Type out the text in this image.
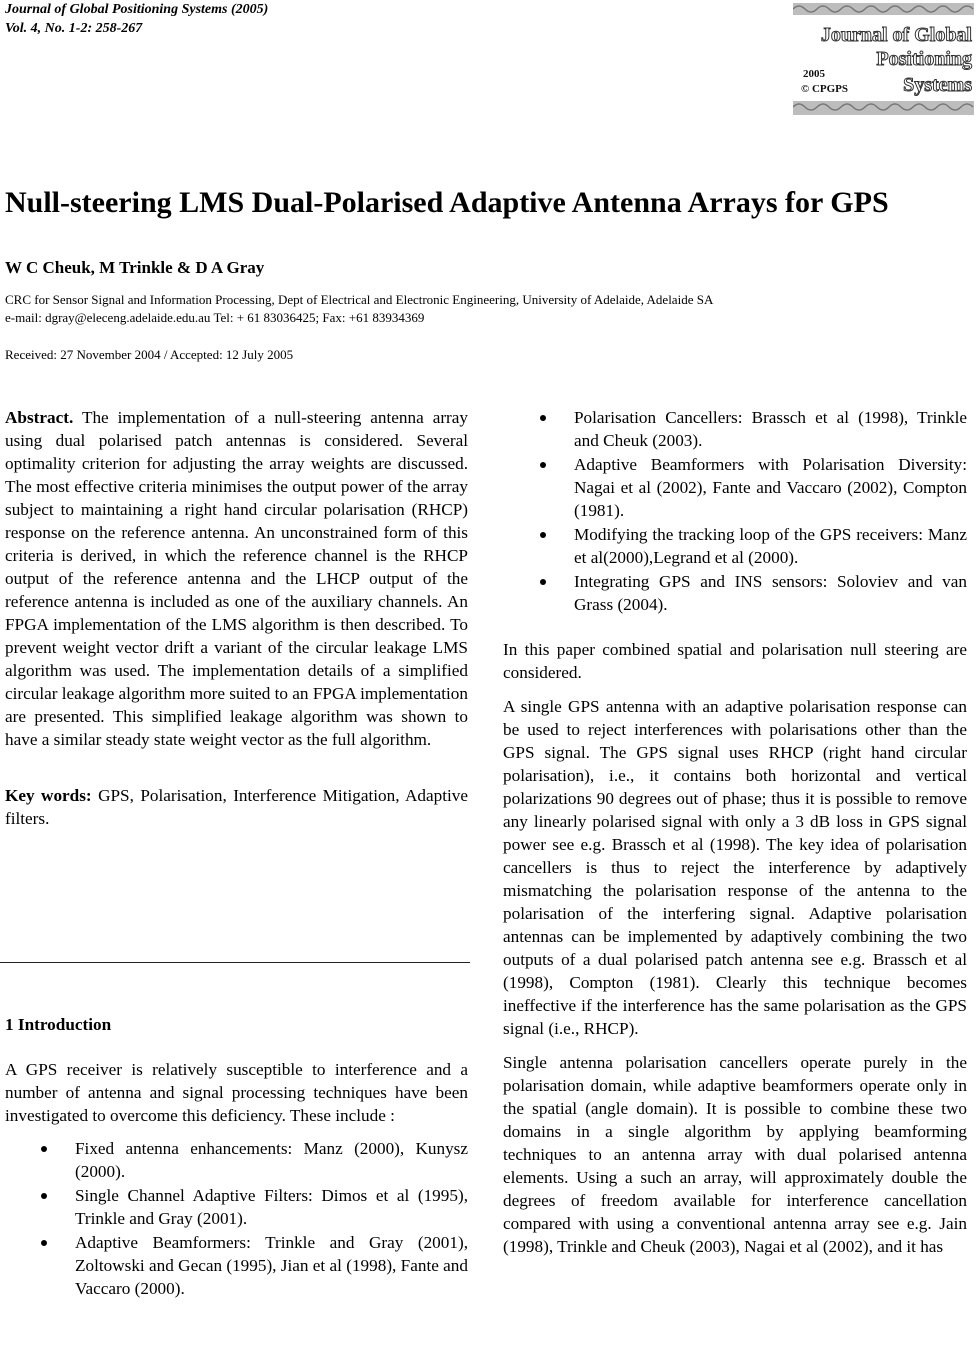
Journal of Global Positioning Systems (2005)
Vol. 4, No. 1-2: 258-267	Journal of Global
Positioning
Systems
2005
© CPGPS
Null-steering LMS Dual-Polarised Adaptive Antenna Arrays for GPS
W C Cheuk, M Trinkle & D A Gray
CRC for Sensor Signal and Information Processing, Dept of Electrical and Electronic Engineering, University of Adelaide, Adelaide SA
e-mail: dgray@eleceng.adelaide.edu.au Tel: + 61 83036425; Fax: +61 83934369
Received: 27 November 2004 / Accepted: 12 July 2005

Abstract. The implementation of a null-steering antenna array using dual polarised patch antennas is considered. Several optimality criterion for adjusting the array weights are discussed. The most effective criteria minimises the output power of the array subject to maintaining a right hand circular polarisation (RHCP) response on the reference antenna. An unconstrained form of this criteria is derived, in which the reference channel is the RHCP output of the reference antenna and the LHCP output of the reference antenna is included as one of the auxiliary channels. An FPGA implementation of the LMS algorithm is then described. To prevent weight vector drift a variant of the circular leakage LMS algorithm was used. The implementation details of a simplified circular leakage algorithm more suited to an FPGA implementation are presented. This simplified leakage algorithm was shown to have a similar steady state weight vector as the full algorithm.

Key words: GPS, Polarisation, Interference Mitigation, Adaptive filters.

1 Introduction

A GPS receiver is relatively susceptible to interference and a number of antenna and signal processing techniques have been investigated to overcome this deficiency. These include :

Fixed antenna enhancements: Manz (2000), Kunysz (2000).
Single Channel Adaptive Filters: Dimos et al (1995), Trinkle and Gray (2001).
Adaptive Beamformers: Trinkle and Gray (2001), Zoltowski and Gecan (1995), Jian et al (1998), Fante and Vaccaro (2000).
Polarisation Cancellers: Brassch et al (1998), Trinkle and Cheuk (2003).
Adaptive Beamformers with Polarisation Diversity: Nagai et al (2002), Fante and Vaccaro (2002), Compton (1981).
Modifying the tracking loop of the GPS receivers: Manz et al(2000),Legrand et al (2000).
Integrating GPS and INS sensors: Soloviev and van Grass (2004).

In this paper combined spatial and polarisation null steering are considered.

A single GPS antenna with an adaptive polarisation response can be used to reject interferences with polarisations other than the GPS signal. The GPS signal uses RHCP (right hand circular polarisation), i.e., it contains both horizontal and vertical polarizations 90 degrees out of phase; thus it is possible to remove any linearly polarised signal with only a 3 dB loss in GPS signal power see e.g. Brassch et al (1998). The key idea of polarisation cancellers is thus to reject the interference by adaptively mismatching the polarisation response of the antenna to the polarisation of the interfering signal. Adaptive polarisation antennas can be implemented by adaptively combining the two outputs of a dual polarised patch antenna see e.g. Brassch et al (1998), Compton (1981). Clearly this technique becomes ineffective if the interference has the same polarisation as the GPS signal (i.e., RHCP).

Single antenna polarisation cancellers operate purely in the polarisation domain, while adaptive beamformers operate only in the spatial (angle domain). It is possible to combine these two domains in a single algorithm by applying beamforming techniques to an antenna array with dual polarised antenna elements. Using a such an array, will approximately double the degrees of freedom available for interference cancellation compared with using a conventional antenna array see e.g. Jain (1998), Trinkle and Cheuk (2003), Nagai et al (2002), and it has
